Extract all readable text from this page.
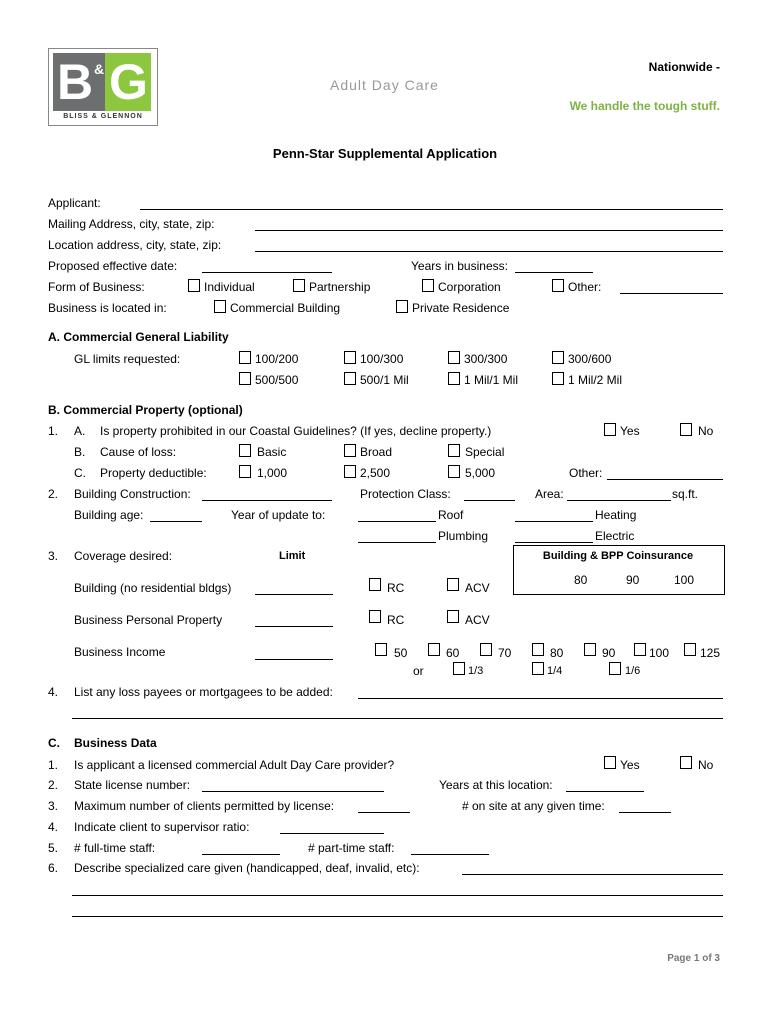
B G
&
BLISS & GLENNON
Adult Day Care
Nationwide -
We handle the tough stuff.
Penn-Star Supplemental Application
Applicant:
Mailing Address, city, state, zip:
Location address, city, state, zip:
Proposed effective date:	Years in business:
Form of Business:	Individual	Partnership	Corporation	Other:
Business is located in:	Commercial Building	Private Residence
A. Commercial General Liability
GL limits requested:	100/200	100/300	300/300	300/600
500/500	500/1 Mil	1 Mil/1 Mil	1 Mil/2 Mil
B. Commercial Property (optional)
1. A. Is property prohibited in our Coastal Guidelines? (If yes, decline property.)	Yes	No
B. Cause of loss:	Basic	Broad	Special
C. Property deductible:	1,000	2,500	5,000	Other:
2. Building Construction:	Protection Class:	Area:	sq.ft.
Building age:	Year of update to:	Roof	Heating
Plumbing	Electric
3. Coverage desired:	Limit	Building & BPP Coinsurance
80	90	100
Building (no residential bldgs)	RC	ACV
Business Personal Property	RC	ACV
Business Income	50	60	70	80	90	100	125
or	1/3	1/4	1/6
4. List any loss payees or mortgagees to be added:
C. Business Data
1. Is applicant a licensed commercial Adult Day Care provider?	Yes	No
2. State license number:	Years at this location:
3. Maximum number of clients permitted by license:	# on site at any given time:
4. Indicate client to supervisor ratio:
5. # full-time staff:	# part-time staff:
6. Describe specialized care given (handicapped, deaf, invalid, etc):
Page 1 of 3
